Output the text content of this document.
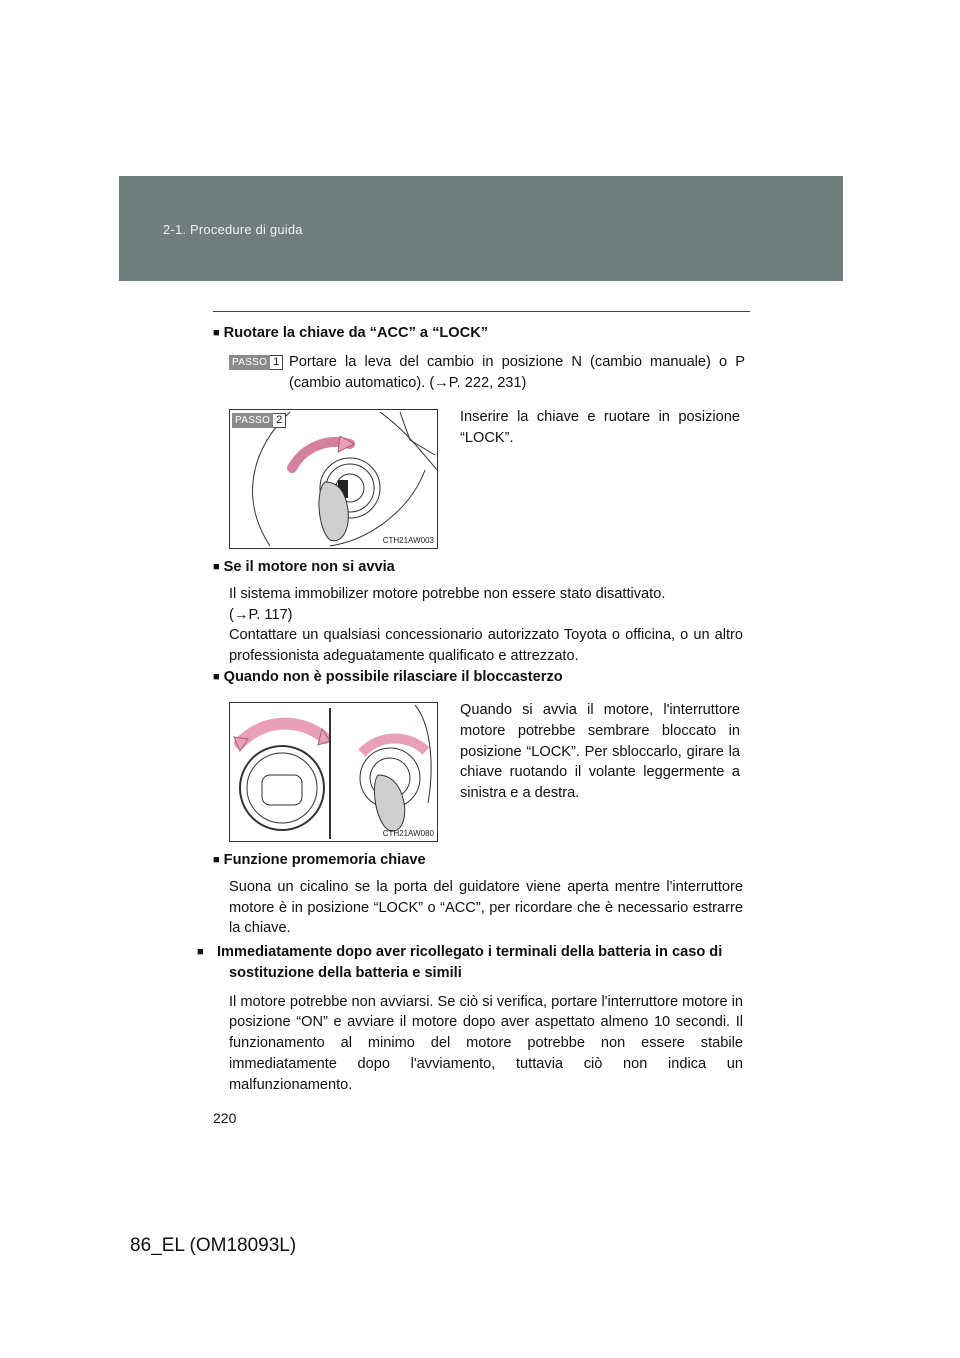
2-1. Procedure di guida
■ Ruotare la chiave da “ACC” a “LOCK”
PASSO 1 Portare la leva del cambio in posizione N (cambio manuale) o P (cambio automatico). (→P. 222, 231)
PASSO 2
CTH21AW003
Inserire la chiave e ruotare in posizione “LOCK”.
■ Se il motore non si avvia
Il sistema immobilizer motore potrebbe non essere stato disattivato.
(→P. 117)
Contattare un qualsiasi concessionario autorizzato Toyota o officina, o un altro professionista adeguatamente qualificato e attrezzato.
■ Quando non è possibile rilasciare il bloccasterzo
CTH21AW080
Quando si avvia il motore, l'interruttore motore potrebbe sembrare bloccato in posizione “LOCK”. Per sbloccarlo, girare la chiave ruotando il volante leggermente a sinistra e a destra.
■ Funzione promemoria chiave
Suona un cicalino se la porta del guidatore viene aperta mentre l'interruttore motore è in posizione “LOCK” o “ACC”, per ricordare che è necessario estrarre la chiave.
■ Immediatamente dopo aver ricollegato i terminali della batteria in caso di sostituzione della batteria e simili
Il motore potrebbe non avviarsi. Se ciò si verifica, portare l'interruttore motore in posizione “ON” e avviare il motore dopo aver aspettato almeno 10 secondi. Il funzionamento al minimo del motore potrebbe non essere stabile immediatamente dopo l'avviamento, tuttavia ciò non indica un malfunzionamento.
220
86_EL (OM18093L)
